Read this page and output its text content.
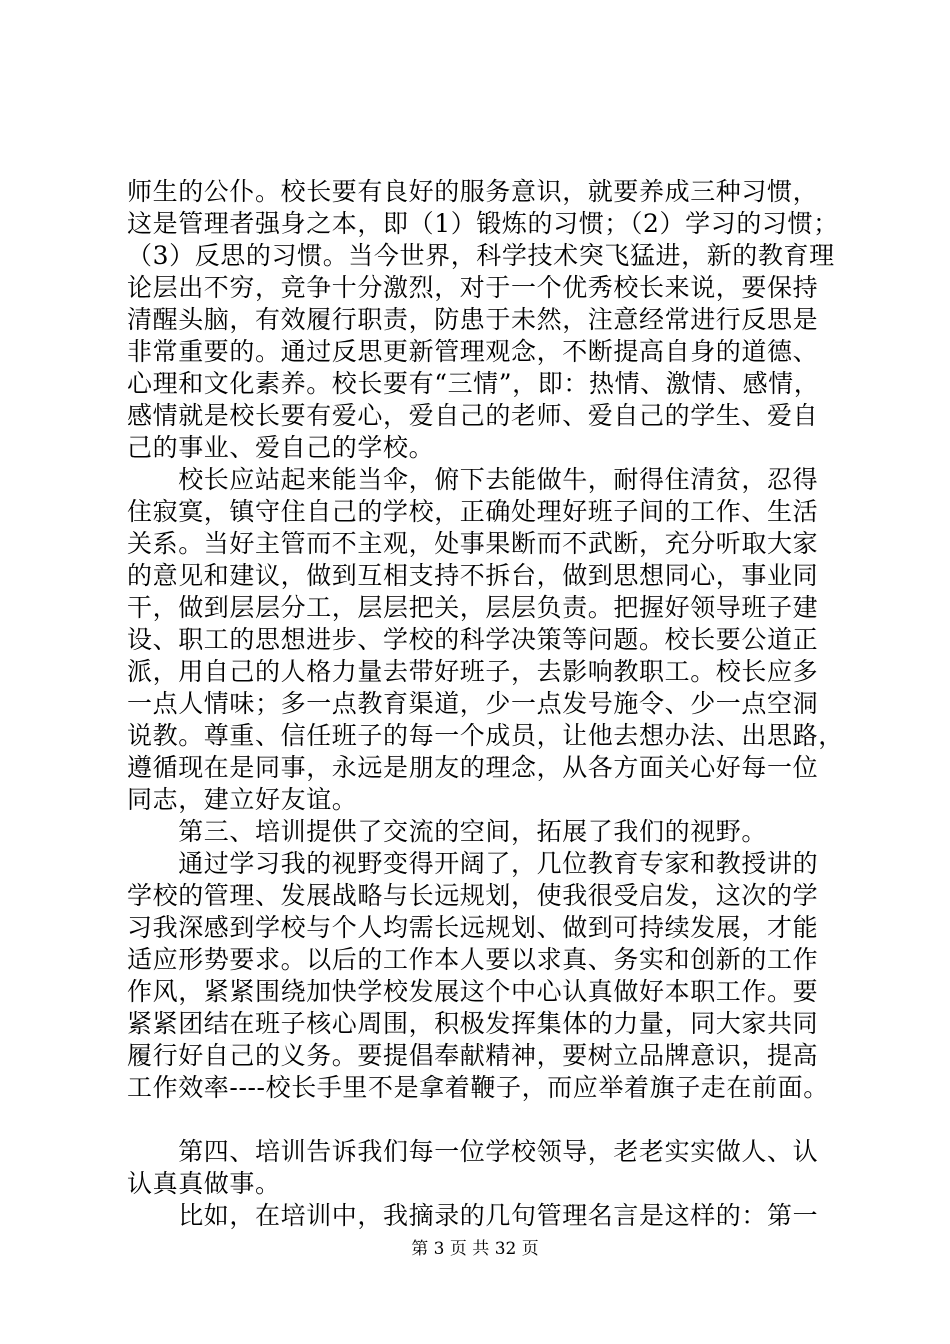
师生的公仆。校长要有良好的服务意识，就要养成三种习惯，
这是管理者强身之本，即（1）锻炼的习惯；（2）学习的习惯；
（3）反思的习惯。当今世界，科学技术突飞猛进，新的教育理
论层出不穷，竞争十分激烈，对于一个优秀校长来说，要保持
清醒头脑，有效履行职责，防患于未然，注意经常进行反思是
非常重要的。通过反思更新管理观念，不断提高自身的道德、
心理和文化素养。校长要有“三情”，即：热情、激情、感情，
感情就是校长要有爱心，爱自己的老师、爱自己的学生、爱自
己的事业、爱自己的学校。
　　校长应站起来能当伞，俯下去能做牛，耐得住清贫，忍得
住寂寞，镇守住自己的学校，正确处理好班子间的工作、生活
关系。当好主管而不主观，处事果断而不武断，充分听取大家
的意见和建议，做到互相支持不拆台，做到思想同心，事业同
干，做到层层分工，层层把关，层层负责。把握好领导班子建
设、职工的思想进步、学校的科学决策等问题。校长要公道正
派，用自己的人格力量去带好班子，去影响教职工。校长应多
一点人情味；多一点教育渠道，少一点发号施令、少一点空洞
说教。尊重、信任班子的每一个成员，让他去想办法、出思路，
遵循现在是同事，永远是朋友的理念，从各方面关心好每一位
同志，建立好友谊。
　　第三、培训提供了交流的空间，拓展了我们的视野。
　　通过学习我的视野变得开阔了，几位教育专家和教授讲的
学校的管理、发展战略与长远规划，使我很受启发，这次的学
习我深感到学校与个人均需长远规划、做到可持续发展，才能
适应形势要求。以后的工作本人要以求真、务实和创新的工作
作风，紧紧围绕加快学校发展这个中心认真做好本职工作。要
紧紧团结在班子核心周围，积极发挥集体的力量，同大家共同
履行好自己的义务。要提倡奉献精神，要树立品牌意识，提高
工作效率----校长手里不是拿着鞭子，而应举着旗子走在前面。
　　第四、培训告诉我们每一位学校领导，老老实实做人、认
认真真做事。
　　比如，在培训中，我摘录的几句管理名言是这样的：第一
第 3 页 共 32 页
